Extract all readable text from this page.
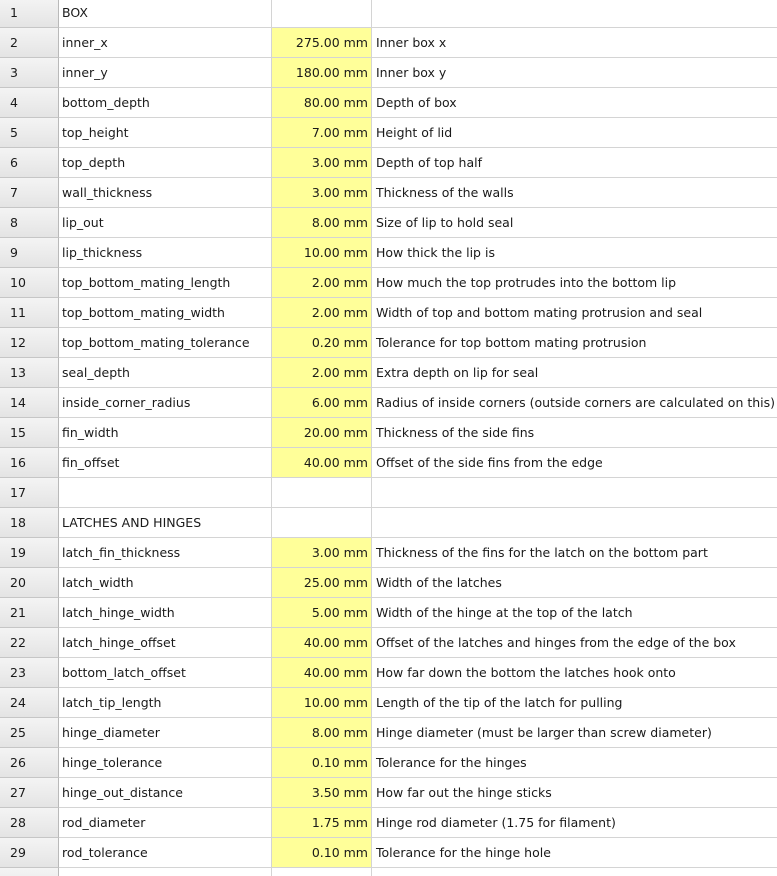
1	BOX
2	inner_x	275.00 mm Inner box x
3	inner_y	180.00 mm Inner box y
4	bottom_depth	80.00 mm Depth of box
5	top_height	7.00 mm Height of lid
6	top_depth	3.00 mm Depth of top half
7	wall_thickness	3.00 mm Thickness of the walls
8	lip_out	8.00 mm Size of lip to hold seal
9	lip_thickness	10.00 mm How thick the lip is
10	top_bottom_mating_length	2.00 mm How much the top protrudes into the bottom lip
11	top_bottom_mating_width	2.00 mm Width of top and bottom mating protrusion and seal
12	top_bottom_mating_tolerance	0.20 mm Tolerance for top bottom mating protrusion
13	seal_depth	2.00 mm Extra depth on lip for seal
14	inside_corner_radius	6.00 mm Radius of inside corners (outside corners are calculated on this)
15	fin_width	20.00 mm Thickness of the side fins
16	fin_offset	40.00 mm Offset of the side fins from the edge
17
18	LATCHES AND HINGES
19	latch_fin_thickness	3.00 mm Thickness of the fins for the latch on the bottom part
20	latch_width	25.00 mm Width of the latches
21	latch_hinge_width	5.00 mm Width of the hinge at the top of the latch
22	latch_hinge_offset	40.00 mm Offset of the latches and hinges from the edge of the box
23	bottom_latch_offset	40.00 mm How far down the bottom the latches hook onto
24	latch_tip_length	10.00 mm Length of the tip of the latch for pulling
25	hinge_diameter	8.00 mm Hinge diameter (must be larger than screw diameter)
26	hinge_tolerance	0.10 mm Tolerance for the hinges
27	hinge_out_distance	3.50 mm How far out the hinge sticks
28	rod_diameter	1.75 mm Hinge rod diameter (1.75 for filament)
29	rod_tolerance	0.10 mm Tolerance for the hinge hole
